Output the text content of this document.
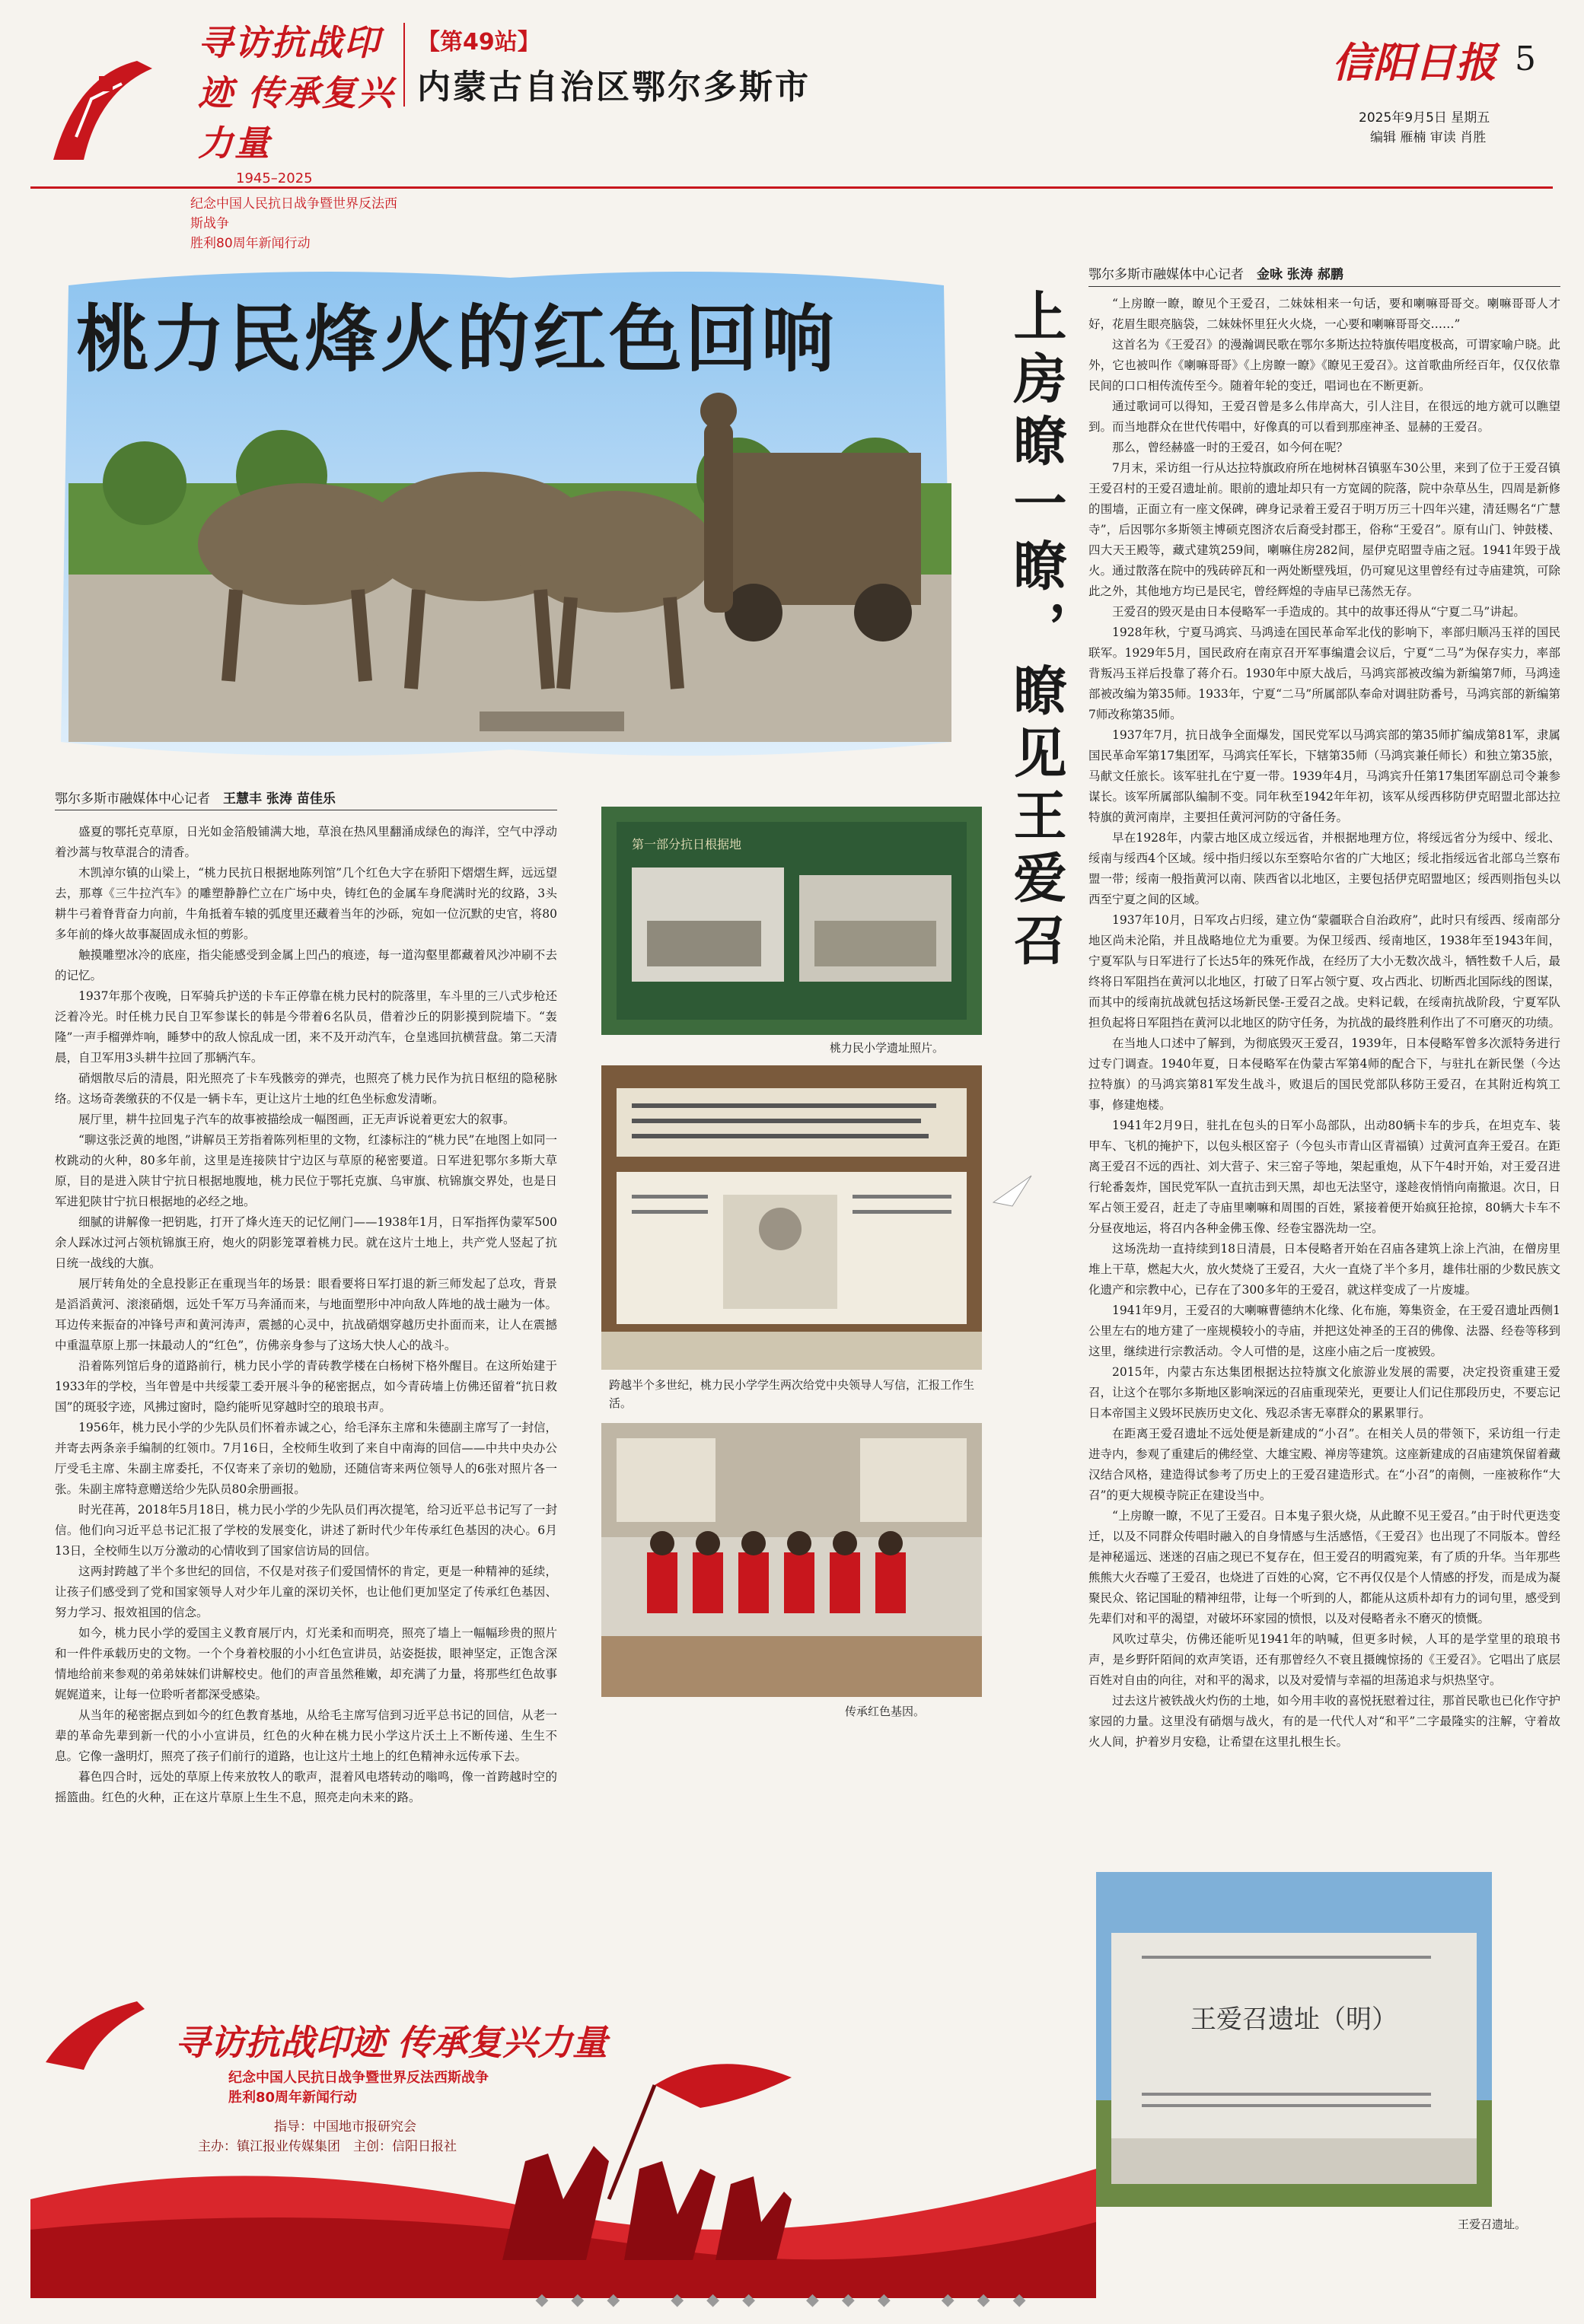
寻访抗战印迹 传承复兴力量
1945–2025
纪念中国人民抗日战争暨世界反法西斯战争
胜利80周年新闻行动
【第49站】
内蒙古自治区鄂尔多斯市
信阳日报 5
2025年9月5日 星期五
编辑 雁楠 审读 肖胜
桃力民烽火的红色回响
鄂尔多斯市融媒体中心记者　 王慧丰 张涛 苗佳乐

盛夏的鄂托克草原，日光如金箔般铺满大地，草浪在热风里翻涌成绿色的海洋，空气中浮动着沙蒿与牧草混合的清香。

木凯淖尔镇的山梁上，“桃力民抗日根据地陈列馆”几个红色大字在骄阳下熠熠生辉，远远望去，那尊《三牛拉汽车》的雕塑静静伫立在广场中央，铸红色的金属车身爬满时光的纹路，3头耕牛弓着脊背奋力向前，牛角抵着车辕的弧度里还藏着当年的沙砾，宛如一位沉默的史官，将80多年前的烽火故事凝固成永恒的剪影。

触摸雕塑冰冷的底座，指尖能感受到金属上凹凸的痕迹，每一道沟壑里都藏着风沙冲刷不去的记忆。

1937年那个夜晚，日军骑兵护送的卡车正停靠在桃力民村的院落里，车斗里的三八式步枪还泛着冷光。时任桃力民自卫军参谋长的韩是今带着6名队员，借着沙丘的阴影摸到院墙下。“轰隆”一声手榴弹炸响，睡梦中的敌人惊乱成一团，来不及开动汽车，仓皇逃回抗横营盘。第二天清晨，自卫军用3头耕牛拉回了那辆汽车。

硝烟散尽后的清晨，阳光照亮了卡车残骸旁的弹壳，也照亮了桃力民作为抗日枢纽的隐秘脉络。这场奇袭缴获的不仅是一辆卡车，更让这片土地的红色坐标愈发清晰。

展厅里，耕牛拉回鬼子汽车的故事被描绘成一幅图画，正无声诉说着更宏大的叙事。

“聊这张泛黄的地图，”讲解员王芳指着陈列柜里的文物，红漆标注的“桃力民”在地图上如同一枚跳动的火种，80多年前，这里是连接陕甘宁边区与草原的秘密要道。日军进犯鄂尔多斯大草原，目的是进入陕甘宁抗日根据地腹地，桃力民位于鄂托克旗、乌审旗、杭锦旗交界处，也是日军进犯陕甘宁抗日根据地的必经之地。

细腻的讲解像一把钥匙，打开了烽火连天的记忆闸门——1938年1月，日军指挥伪蒙军500余人踩冰过河占领杭锦旗王府，炮火的阴影笼罩着桃力民。就在这片土地上，共产党人竖起了抗日统一战线的大旗。

展厅转角处的全息投影正在重现当年的场景：眼看要将日军打退的新三师发起了总攻，背景是滔滔黄河、滚滚硝烟，远处千军万马奔涌而来，与地面塑形中冲向敌人阵地的战士融为一体。耳边传来振奋的冲锋号声和黄河涛声，震撼的心灵中，抗战硝烟穿越历史扑面而来，让人在震撼中重温草原上那一抹最动人的“红色”，仿佛亲身参与了这场大快人心的战斗。

沿着陈列馆后身的道路前行，桃力民小学的青砖教学楼在白杨树下格外醒目。在这所始建于1933年的学校，当年曾是中共绥蒙工委开展斗争的秘密据点，如今青砖墙上仿佛还留着“抗日救国”的斑驳字迹，风拂过窗时，隐约能听见穿越时空的琅琅书声。

1956年，桃力民小学的少先队员们怀着赤诚之心，给毛泽东主席和朱德副主席写了一封信，并寄去两条亲手编制的红领巾。7月16日，全校师生收到了来自中南海的回信——中共中央办公厅受毛主席、朱副主席委托，不仅寄来了亲切的勉励，还随信寄来两位领导人的6张对照片各一张。朱副主席特意赠送给少先队员80余册画报。

时光荏苒，2018年5月18日，桃力民小学的少先队员们再次提笔，给习近平总书记写了一封信。他们向习近平总书记汇报了学校的发展变化，讲述了新时代少年传承红色基因的决心。6月13日，全校师生以万分激动的心情收到了国家信访局的回信。

这两封跨越了半个多世纪的回信，不仅是对孩子们爱国情怀的肯定，更是一种精神的延续，让孩子们感受到了党和国家领导人对少年儿童的深切关怀，也让他们更加坚定了传承红色基因、努力学习、报效祖国的信念。

如今，桃力民小学的爱国主义教育展厅内，灯光柔和而明亮，照亮了墙上一幅幅珍贵的照片和一件件承载历史的文物。一个个身着校服的小小红色宣讲员，站姿挺拔，眼神坚定，正饱含深情地给前来参观的弟弟妹妹们讲解校史。他们的声音虽然稚嫩，却充满了力量，将那些红色故事娓娓道来，让每一位聆听者都深受感染。

从当年的秘密据点到如今的红色教育基地，从给毛主席写信到习近平总书记的回信，从老一辈的革命先辈到新一代的小小宣讲员，红色的火种在桃力民小学这片沃土上不断传递、生生不息。它像一盏明灯，照亮了孩子们前行的道路，也让这片土地上的红色精神永远传承下去。

暮色四合时，远处的草原上传来放牧人的歌声，混着风电塔转动的嗡鸣，像一首跨越时空的摇篮曲。红色的火种，正在这片草原上生生不息，照亮走向未来的路。

第一部分抗日根据地
桃力民小学遗址照片。
跨越半个多世纪，桃力民小学学生两次给党中央领导人写信，汇报工作生活。
传承红色基因。
上房瞭一瞭，瞭见王爱召
鄂尔多斯市融媒体中心记者　 金咏 张涛 郝鹏

“上房瞭一瞭，瞭见个王爱召，二妹妹相来一句话，要和喇嘛哥哥交。喇嘛哥哥人才好，花眉生眼亮脑袋，二妹妹怀里狂火火烧，一心要和喇嘛哥哥交……”

这首名为《王爱召》的漫瀚调民歌在鄂尔多斯达拉特旗传唱度极高，可谓家喻户晓。此外，它也被叫作《喇嘛哥哥》《上房瞭一瞭》《瞭见王爱召》。这首歌曲所经百年，仅仅依靠民间的口口相传流传至今。随着年轮的变迁，唱词也在不断更新。

通过歌词可以得知，王爱召曾是多么伟岸高大，引人注目，在很远的地方就可以瞧望到。而当地群众在世代传唱中，好像真的可以看到那座神圣、显赫的王爱召。

那么，曾经赫盛一时的王爱召，如今何在呢？

7月末，采访组一行从达拉特旗政府所在地树林召镇驱车30公里，来到了位于王爱召镇王爱召村的王爱召遗址前。眼前的遗址却只有一方宽阔的院落，院中杂草丛生，四周是新修的围墙，正面立有一座文保碑，碑身记录着王爱召于明万历三十四年兴建，清廷赐名“广慧寺”，后因鄂尔多斯领主博硕克图济农后裔受封郡王，俗称“王爱召”。原有山门、钟鼓楼、四大天王殿等，藏式建筑259间，喇嘛住房282间，屋伊克昭盟寺庙之冠。1941年毁于战火。通过散落在院中的残砖碎瓦和一两处断壁残垣，仍可窥见这里曾经有过寺庙建筑，可除此之外，其他地方均已是民宅，曾经辉煌的寺庙早已荡然无存。

王爱召的毁灭是由日本侵略军一手造成的。其中的故事还得从“宁夏二马”讲起。

1928年秋，宁夏马鸿宾、马鸿逵在国民革命军北伐的影响下，率部归顺冯玉祥的国民联军。1929年5月，国民政府在南京召开军事编遣会议后，宁夏“二马”为保存实力，率部背叛冯玉祥后投靠了蒋介石。1930年中原大战后，马鸿宾部被改编为新编第7师，马鸿逵部被改编为第35师。1933年，宁夏“二马”所属部队奉命对调驻防番号，马鸿宾部的新编第7师改称第35师。

1937年7月，抗日战争全面爆发，国民党军以马鸿宾部的第35师扩编成第81军，隶属国民革命军第17集团军，马鸿宾任军长，下辖第35师（马鸿宾兼任师长）和独立第35旅，马献文任旅长。该军驻扎在宁夏一带。1939年4月，马鸿宾升任第17集团军副总司令兼参谋长。该军所属部队编制不变。同年秋至1942年年初，该军从绥西移防伊克昭盟北部达拉特旗的黄河南岸，主要担任黄河河防的守备任务。

早在1928年，内蒙古地区成立绥远省，并根据地理方位，将绥远省分为绥中、绥北、绥南与绥西4个区域。绥中指归绥以东至察哈尔省的广大地区；绥北指绥远省北部乌兰察布盟一带；绥南一般指黄河以南、陕西省以北地区，主要包括伊克昭盟地区；绥西则指包头以西至宁夏之间的区域。

1937年10月，日军攻占归绥，建立伪“蒙疆联合自治政府”，此时只有绥西、绥南部分地区尚未沦陷，并且战略地位尤为重要。为保卫绥西、绥南地区，1938年至1943年间，宁夏军队与日军进行了长达5年的殊死作战，在经历了大小无数次战斗，牺牲数千人后，最终将日军阻挡在黄河以北地区，打破了日军占领宁夏、攻占西北、切断西北国际线的图谋，而其中的绥南抗战就包括这场新民堡-王爱召之战。史料记载，在绥南抗战阶段，宁夏军队担负起将日军阻挡在黄河以北地区的防守任务，为抗战的最终胜利作出了不可磨灭的功绩。

在当地人口述中了解到，为彻底毁灭王爱召，1939年，日本侵略军曾多次派特务进行过专门调查。1940年夏，日本侵略军在伪蒙古军第4师的配合下，与驻扎在新民堡（今达拉特旗）的马鸿宾第81军发生战斗，败退后的国民党部队移防王爱召，在其附近构筑工事，修建炮楼。

1941年2月9日，驻扎在包头的日军小岛部队，出动80辆卡车的步兵，在坦克车、装甲车、飞机的掩护下，以包头根区窑子（今包头市青山区青福镇）过黄河直奔王爱召。在距离王爱召不远的西社、刘大营子、宋三窑子等地，架起重炮，从下午4时开始，对王爱召进行轮番轰炸，国民党军队一直抗击到天黑，却也无法坚守，遂趁夜悄悄向南撤退。次日，日军占领王爱召，赶走了寺庙里喇嘛和周围的百姓，紧接着便开始疯狂抢掠，80辆大卡车不分昼夜地运，将召内各种金佛玉像、经卷宝器洗劫一空。

这场洗劫一直持续到18日清晨，日本侵略者开始在召庙各建筑上涂上汽油，在僧房里堆上干草，燃起大火，放火焚烧了王爱召，大火一直烧了半个多月，雄伟壮丽的少数民族文化遗产和宗教中心，已存在了300多年的王爱召，就这样变成了一片废墟。

1941年9月，王爱召的大喇嘛曹德纳木化缘、化布施，筹集资金，在王爱召遗址西侧1公里左右的地方建了一座规模较小的寺庙，并把这处神圣的王召的佛像、法器、经卷等移到这里，继续进行宗教活动。令人可惜的是，这座小庙之后一度被毁。

2015年，内蒙古东达集团根据达拉特旗文化旅游业发展的需要，决定投资重建王爱召，让这个在鄂尔多斯地区影响深远的召庙重现荣光，更要让人们记住那段历史，不要忘记日本帝国主义毁坏民族历史文化、残忍杀害无辜群众的累累罪行。

在距离王爱召遗址不远处便是新建成的“小召”。在相关人员的带领下，采访组一行走进寺内，参观了重建后的佛经堂、大雄宝殿、禅房等建筑。这座新建成的召庙建筑保留着藏汉结合风格，建造得试参考了历史上的王爱召建造形式。在“小召”的南侧，一座被称作“大召”的更大规模寺院正在建设当中。

“上房瞭一瞭，不见了王爱召。日本鬼子狠火烧，从此瞭不见王爱召。”由于时代更迭变迁，以及不同群众传唱时融入的自身情感与生活感悟，《王爱召》也出现了不同版本。曾经是神秘遥远、迷迷的召庙之现已不复存在，但王爱召的明霞宛莱，有了质的升华。当年那些熊熊大火吞噬了王爱召，也烧进了百姓的心窝，它不再仅仅是个人情感的抒发，而是成为凝聚民众、铭记国耻的精神纽带，让每一个听到的人，都能从这质朴却有力的词句里，感受到先辈们对和平的渴望，对破坏环家园的愤恨，以及对侵略者永不磨灭的愤慨。

风吹过草尖，仿佛还能听见1941年的呐喊，但更多时候，人耳的是学堂里的琅琅书声，是乡野阡陌间的欢声笑语，还有那曾经久不衰且摄魄惊扬的《王爱召》。它唱出了底层百姓对自由的向往，对和平的渴求，以及对爱情与幸福的坦荡追求与炽热坚守。

过去这片被铁战火灼伤的土地，如今用丰收的喜悦抚慰着过往，那首民歌也已化作守护家园的力量。这里没有硝烟与战火，有的是一代代人对“和平”二字最隆实的注解，守着故火人间，护着岁月安稳，让希望在这里扎根生长。

寻访抗战印迹 传承复兴力量
纪念中国人民抗日战争暨世界反法西斯战争
胜利80周年新闻行动
指导：中国地市报研究会
主办：镇江报业传媒集团　主创：信阳日报社
王爱召遗址（明）
王爱召遗址。
◆◆◆ ◆◆◆ ◆◆◆ ◆◆◆
